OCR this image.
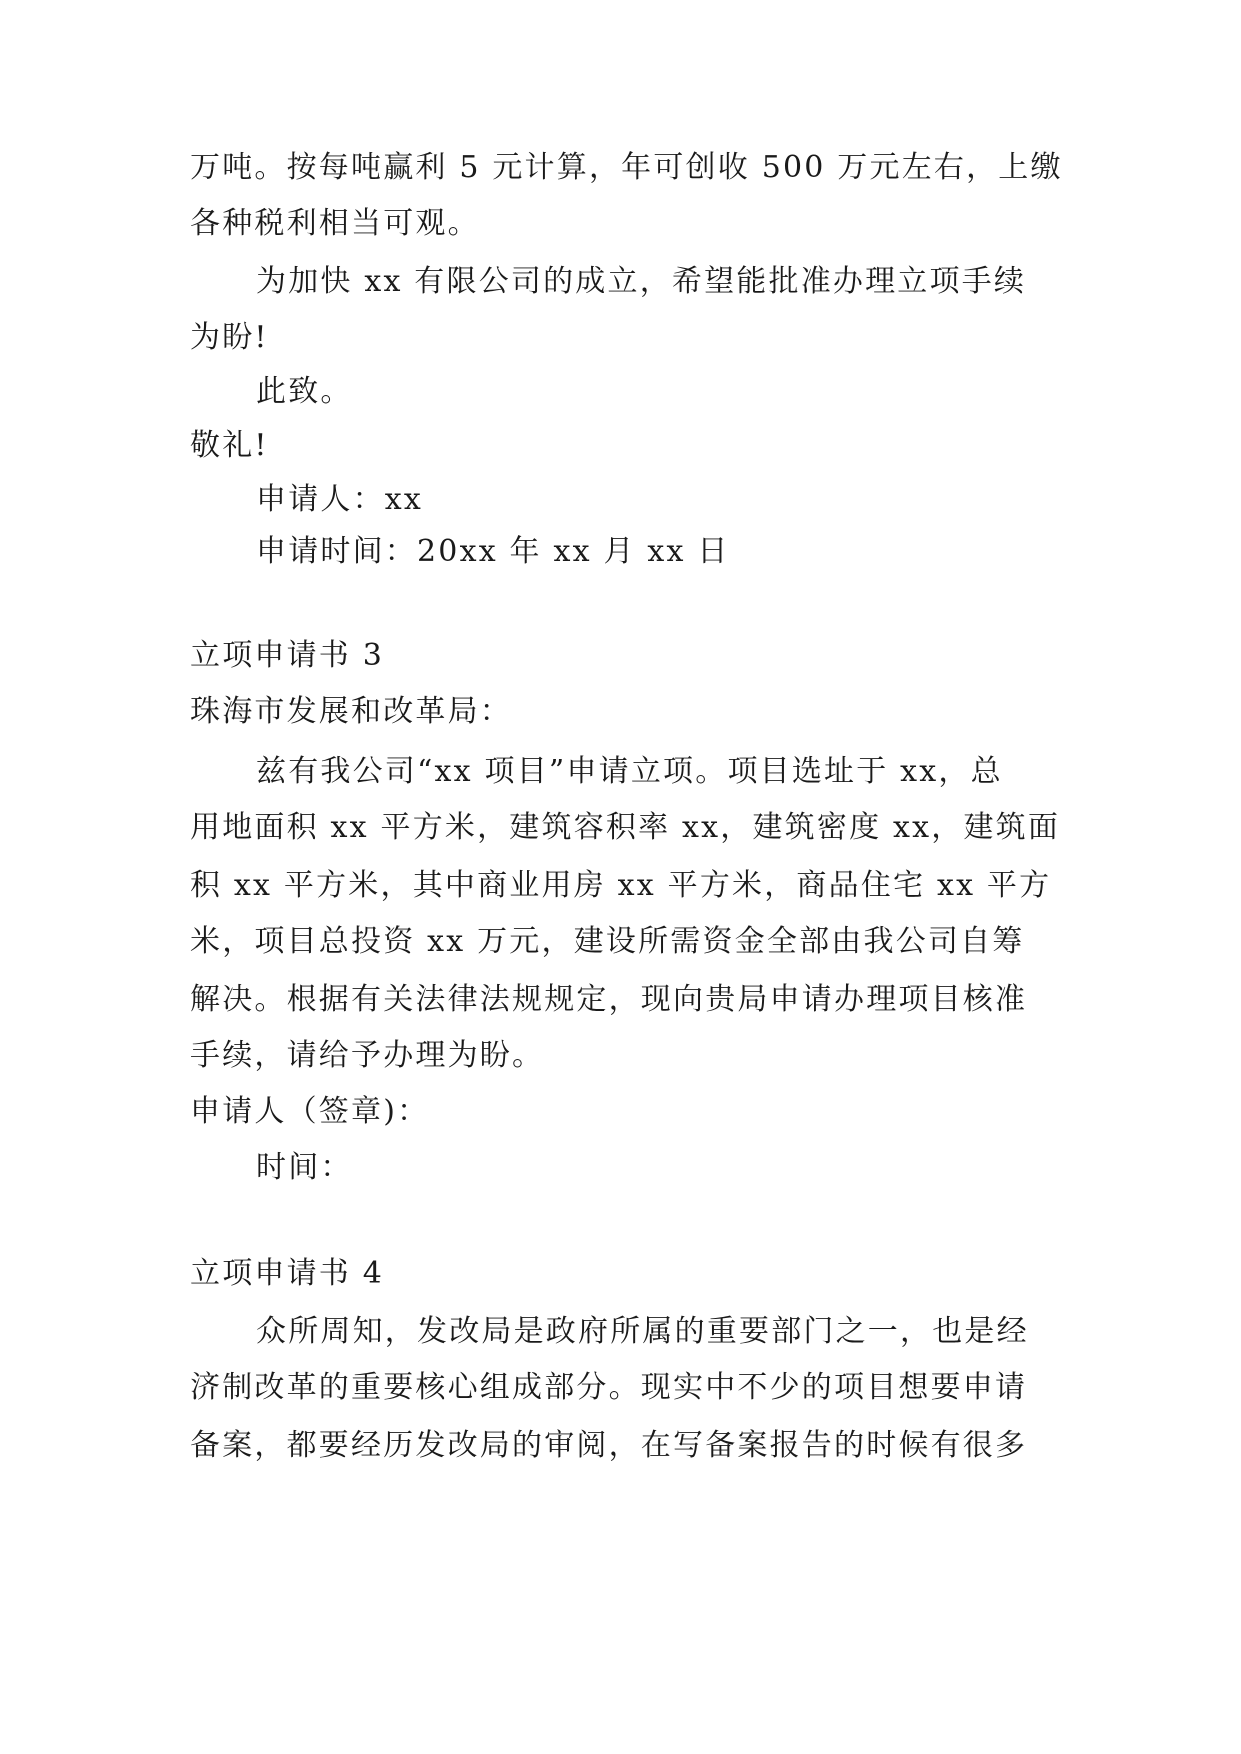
万吨。按每吨赢利 5 元计算，年可创收 500 万元左右，上缴
各种税利相当可观。
为加快 xx 有限公司的成立，希望能批准办理立项手续
为盼!
此致。
敬礼!
申请人：xx
申请时间：20xx 年 xx 月 xx 日
立项申请书 3
珠海市发展和改革局：
兹有我公司“xx 项目”申请立项。项目选址于 xx，总
用地面积 xx 平方米，建筑容积率 xx，建筑密度 xx，建筑面
积 xx 平方米，其中商业用房 xx 平方米，商品住宅 xx 平方
米，项目总投资 xx 万元，建设所需资金全部由我公司自筹
解决。根据有关法律法规规定，现向贵局申请办理项目核准
手续，请给予办理为盼。
申请人（签章)：
时间：
立项申请书 4
众所周知，发改局是政府所属的重要部门之一，也是经
济制改革的重要核心组成部分。现实中不少的项目想要申请
备案，都要经历发改局的审阅，在写备案报告的时候有很多
